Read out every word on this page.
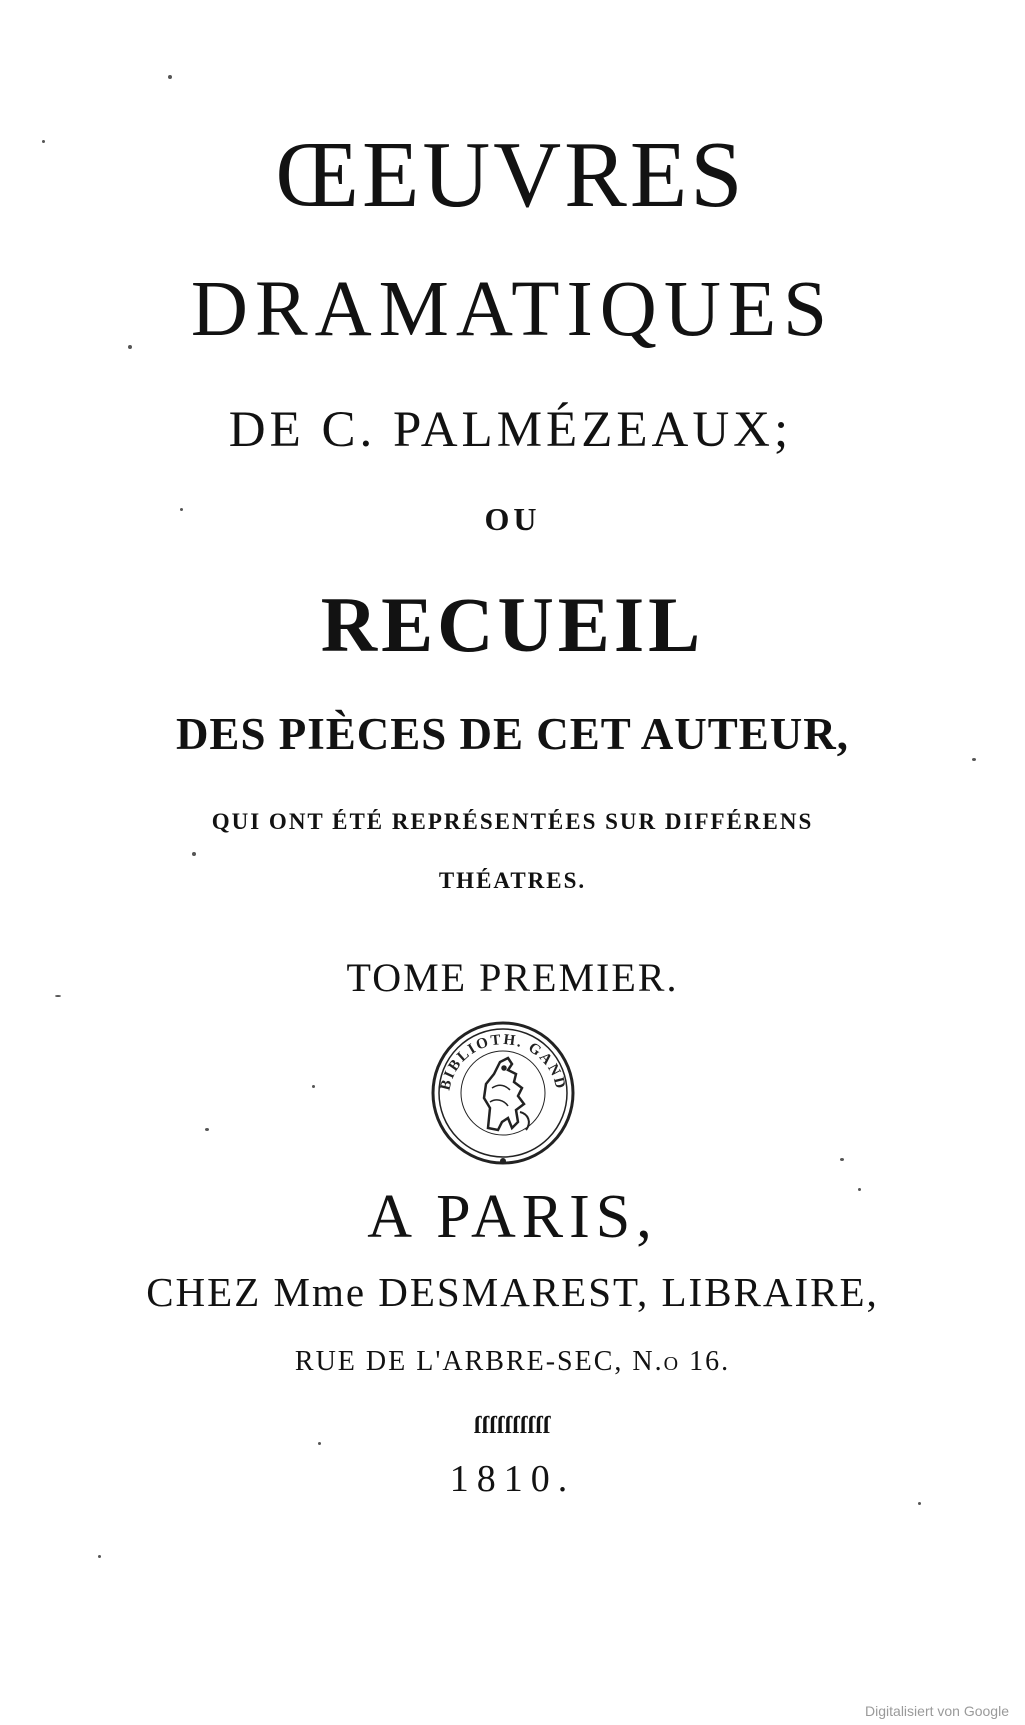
ŒEUVRES
DRAMATIQUES
DE C. PALMÉZEAUX;
OU
RECUEIL
DES PIÈCES DE CET AUTEUR,
QUI ONT ÉTÉ REPRÉSENTÉES SUR DIFFÉRENS
THÉATRES.
TOME PREMIER.
BIBLIOTH. GAND
A PARIS,
CHEZ Mme DESMAREST, LIBRAIRE,
RUE DE L'ARBRE-SEC, N.o 16.
ſſſſſſſſſſ
1810.
Digitalisiert von Google
